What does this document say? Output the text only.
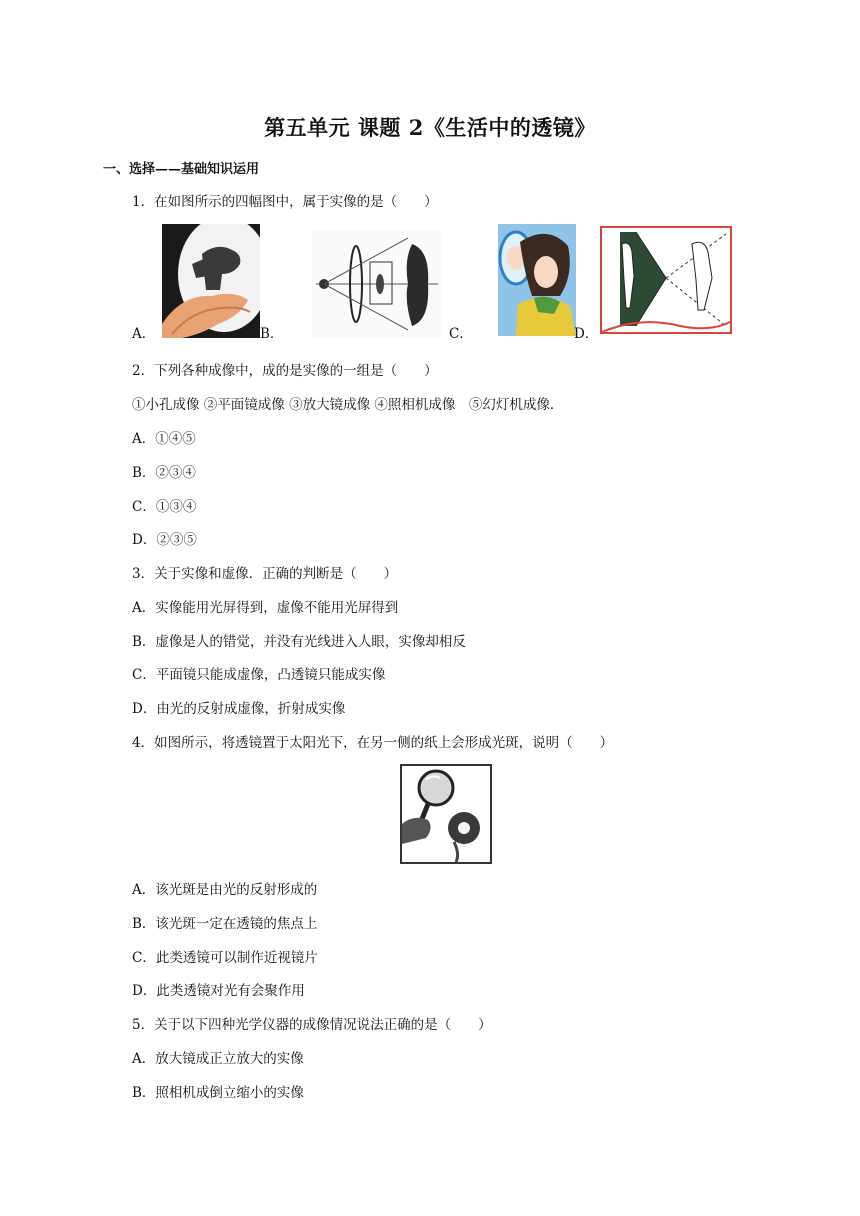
第五单元 课题 2《生活中的透镜》
一、选择——基础知识运用
1．在如图所示的四幅图中，属于实像的是（　　）
A．	B．	C．	D．
2．下列各种成像中，成的是实像的一组是（　　）
①小孔成像 ②平面镜成像 ③放大镜成像 ④照相机成像　⑤幻灯机成像．
A．①④⑤
B．②③④
C．①③④
D．②③⑤
3．关于实像和虚像．正确的判断是（　　）
A．实像能用光屏得到，虚像不能用光屏得到
B．虚像是人的错觉，并没有光线进入人眼，实像却相反
C．平面镜只能成虚像，凸透镜只能成实像
D．由光的反射成虚像，折射成实像
4．如图所示，将透镜置于太阳光下，在另一侧的纸上会形成光斑，说明（　　）
A．该光斑是由光的反射形成的
B．该光斑一定在透镜的焦点上
C．此类透镜可以制作近视镜片
D．此类透镜对光有会聚作用
5．关于以下四种光学仪器的成像情况说法正确的是（　　）
A．放大镜成正立放大的实像
B．照相机成倒立缩小的实像
